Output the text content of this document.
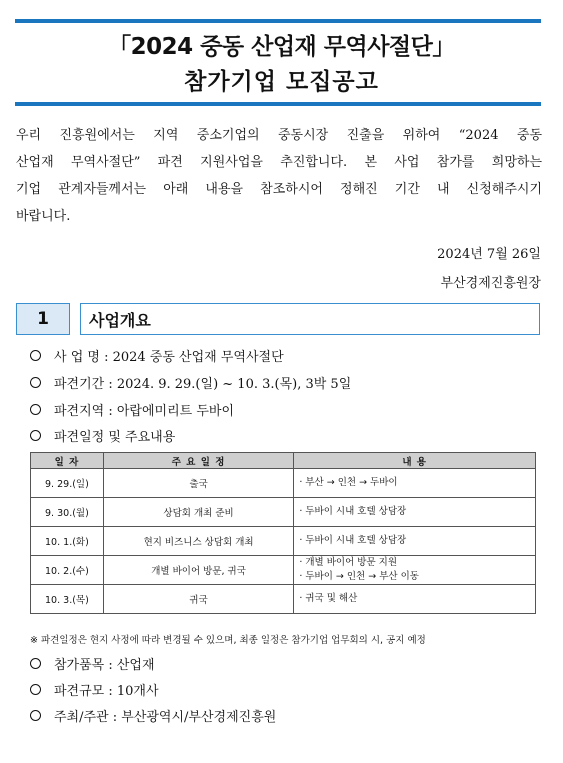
「2024 중동 산업재 무역사절단」
참가기업 모집공고
우리 진흥원에서는 지역 중소기업의 중동시장 진출을 위하여 “2024 중동
산업재 무역사절단” 파견 지원사업을 추진합니다. 본 사업 참가를 희망하는
기업 관계자들께서는 아래 내용을 참조하시어 정해진 기간 내 신청해주시기
바랍니다.
2024년 7월 26일
부산경제진흥원장
1	사업개요
사 업 명 : 2024 중동 산업재 무역사절단
파견기간 : 2024. 9. 29.(일) ~ 10. 3.(목), 3박 5일
파견지역 : 아랍에미리트 두바이
파견일정 및 주요내용
일 자	주 요 일 정	내 용
9. 29.(일)	출국	· 부산 → 인천 → 두바이

9. 30.(월)	상담회 개최 준비	· 두바이 시내 호텔 상담장

10. 1.(화)	현지 비즈니스 상담회 개최	· 두바이 시내 호텔 상담장

10. 2.(수)	개별 바이어 방문, 귀국	· 개별 바이어 방문 지원
· 두바이 → 인천 → 부산 이동

10. 3.(목)	귀국	· 귀국 및 해산
※ 파견일정은 현지 사정에 따라 변경될 수 있으며, 최종 일정은 참가기업 업무회의 시, 공지 예정
참가품목 : 산업재
파견규모 : 10개사
주최/주관 : 부산광역시/부산경제진흥원
